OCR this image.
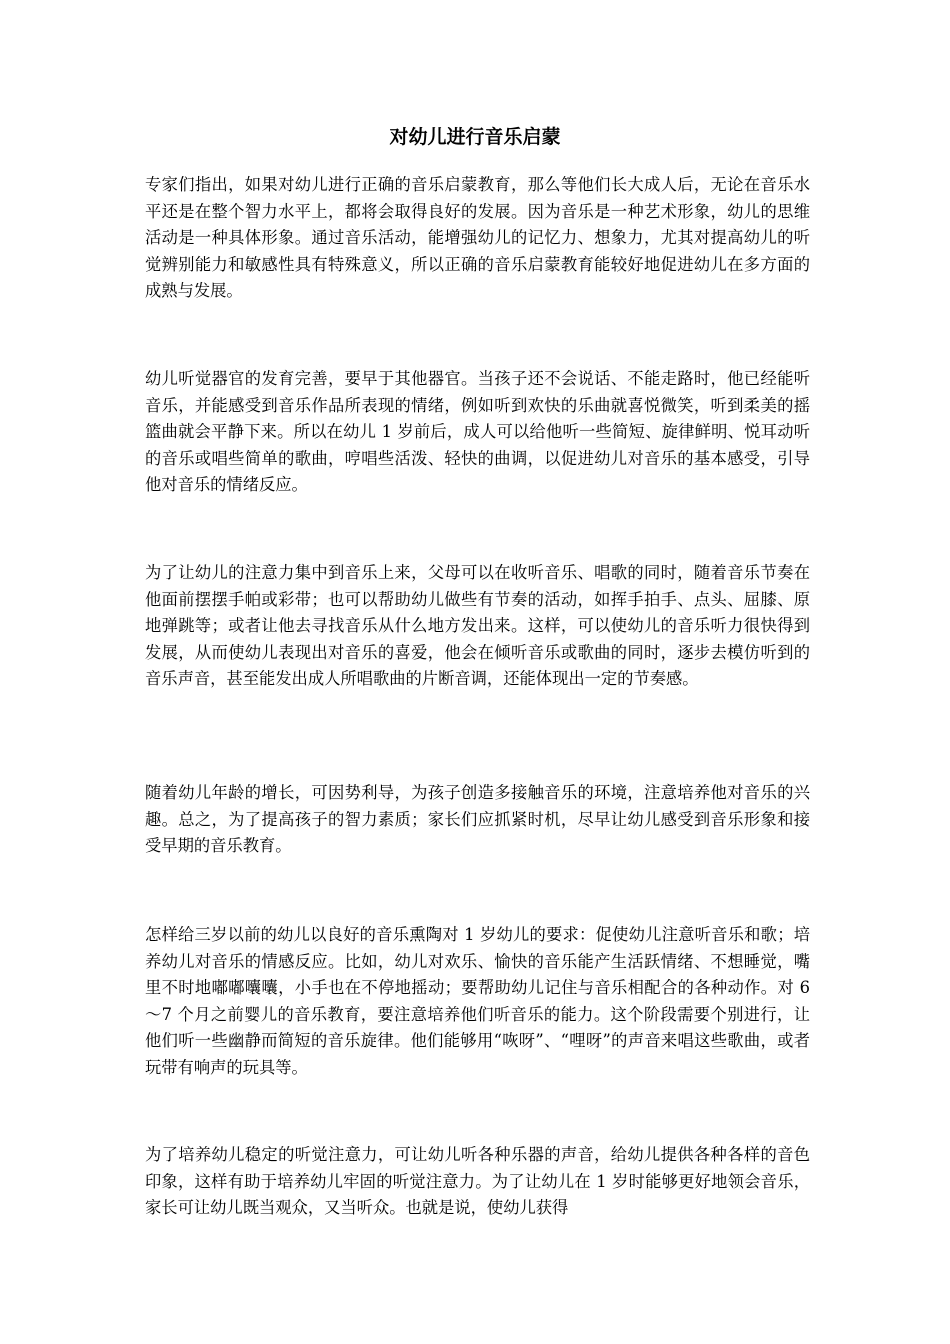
对幼儿进行音乐启蒙

专家们指出，如果对幼儿进行正确的音乐启蒙教育，那么等他们长大成人后，无论在音乐水平还是在整个智力水平上，都将会取得良好的发展。因为音乐是一种艺术形象，幼儿的思维活动是一种具体形象。通过音乐活动，能增强幼儿的记忆力、想象力，尤其对提高幼儿的听觉辨别能力和敏感性具有特殊意义，所以正确的音乐启蒙教育能较好地促进幼儿在多方面的成熟与发展。

幼儿听觉器官的发育完善，要早于其他器官。当孩子还不会说话、不能走路时，他已经能听音乐，并能感受到音乐作品所表现的情绪，例如听到欢快的乐曲就喜悦微笑，听到柔美的摇篮曲就会平静下来。所以在幼儿 1 岁前后，成人可以给他听一些简短、旋律鲜明、悦耳动听的音乐或唱些简单的歌曲，哼唱些活泼、轻快的曲调，以促进幼儿对音乐的基本感受，引导他对音乐的情绪反应。

为了让幼儿的注意力集中到音乐上来，父母可以在收听音乐、唱歌的同时，随着音乐节奏在他面前摆摆手帕或彩带；也可以帮助幼儿做些有节奏的活动，如挥手拍手、点头、屈膝、原地弹跳等；或者让他去寻找音乐从什么地方发出来。这样，可以使幼儿的音乐听力很快得到发展，从而使幼儿表现出对音乐的喜爱，他会在倾听音乐或歌曲的同时，逐步去模仿听到的音乐声音，甚至能发出成人所唱歌曲的片断音调，还能体现出一定的节奏感。

随着幼儿年龄的增长，可因势利导，为孩子创造多接触音乐的环境，注意培养他对音乐的兴趣。总之，为了提高孩子的智力素质；家长们应抓紧时机，尽早让幼儿感受到音乐形象和接受早期的音乐教育。

怎样给三岁以前的幼儿以良好的音乐熏陶对 1 岁幼儿的要求：促使幼儿注意听音乐和歌；培养幼儿对音乐的情感反应。比如，幼儿对欢乐、愉快的音乐能产生活跃情绪、不想睡觉，嘴里不时地嘟嘟囔囔，小手也在不停地摇动；要帮助幼儿记住与音乐相配合的各种动作。对 6～7 个月之前婴儿的音乐教育，要注意培养他们听音乐的能力。这个阶段需要个别进行，让他们听一些幽静而简短的音乐旋律。他们能够用“咴呀”、“哩呀”的声音来唱这些歌曲，或者玩带有响声的玩具等。

为了培养幼儿稳定的听觉注意力，可让幼儿听各种乐器的声音，给幼儿提供各种各样的音色印象，这样有助于培养幼儿牢固的听觉注意力。为了让幼儿在 1 岁时能够更好地领会音乐，家长可让幼儿既当观众，又当听众。也就是说，使幼儿获得
